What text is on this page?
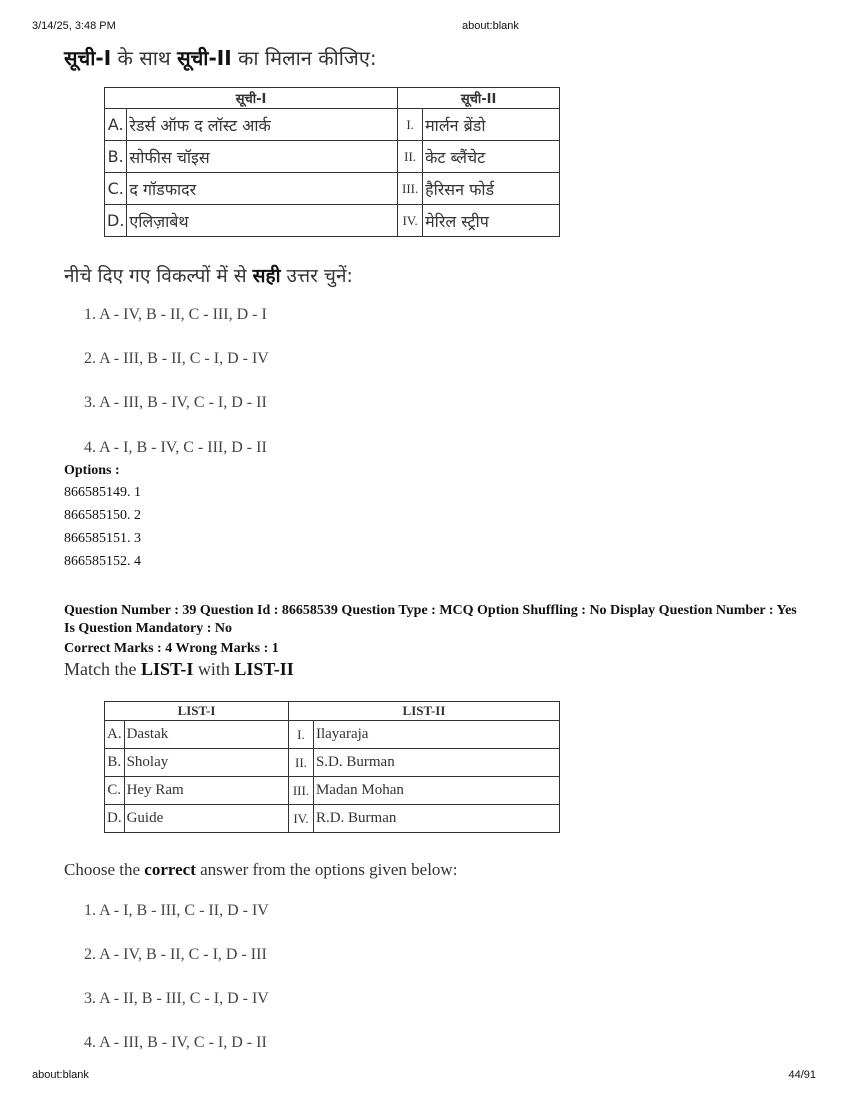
3/14/25, 3:48 PM	about:blank
सूची-I के साथ सूची-II का मिलान कीजिए:
सूची-I		सूची-II	
A.	रेडर्स ऑफ द लॉस्ट आर्क	I.	मार्लन ब्रेंडो
B.	सोफीस चॉइस	II.	केट ब्लैंचेट
C.	द गॉडफादर	III.	हैरिसन फोर्ड
D.	एलिज़ाबेथ	IV.	मेरिल स्ट्रीप
नीचे दिए गए विकल्पों में से सही उत्तर चुनें:
1. A - IV, B - II, C - III, D - I
2. A - III, B - II, C - I, D - IV
3. A - III, B - IV, C - I, D - II
4. A - I, B - IV, C - III, D - II
Options :
866585149. 1
866585150. 2
866585151. 3
866585152. 4
Question Number : 39 Question Id : 86658539 Question Type : MCQ Option Shuffling : No Display Question Number : Yes Is Question Mandatory : No
Correct Marks : 4 Wrong Marks : 1
Match the LIST-I with LIST-II
LIST-I		LIST-II	
A.	Dastak	I.	Ilayaraja
B.	Sholay	II.	S.D. Burman
C.	Hey Ram	III.	Madan Mohan
D.	Guide	IV.	R.D. Burman
Choose the correct answer from the options given below:
1. A - I, B - III, C - II, D - IV
2. A - IV, B - II, C - I, D - III
3. A - II, B - III, C - I, D - IV
4. A - III, B - IV, C - I, D - II
about:blank	44/91
